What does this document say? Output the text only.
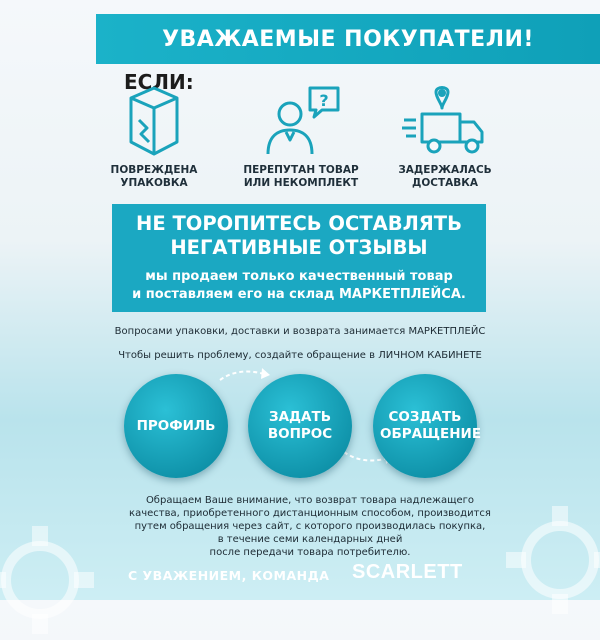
УВАЖАЕМЫЕ ПОКУПАТЕЛИ!
ЕСЛИ:
ПОВРЕЖДЕНА
УПАКОВКА
?
ПЕРЕПУТАН ТОВАР
ИЛИ НЕКОМПЛЕКТ
ЗАДЕРЖАЛАСЬ
ДОСТАВКА
НЕ ТОРОПИТЕСЬ ОСТАВЛЯТЬ
НЕГАТИВНЫЕ ОТЗЫВЫ
мы продаем только качественный товар
и поставляем его на склад МАРКЕТПЛЕЙСА.
Вопросами упаковки, доставки и возврата занимается МАРКЕТПЛЕЙС
Чтобы решить проблему, создайте обращение в ЛИЧНОМ КАБИНЕТЕ
ПРОФИЛЬ
ЗАДАТЬ
ВОПРОС
СОЗДАТЬ
ОБРАЩЕНИЕ
Обращаем Ваше внимание, что возврат товара надлежащего
качества, приобретенного дистанционным способом, производится
путем обращения через сайт, с которого производилась покупка,
в течение семи календарных дней
после передачи товара потребителю.
С УВАЖЕНИЕМ, КОМАНДА SCARLETT
